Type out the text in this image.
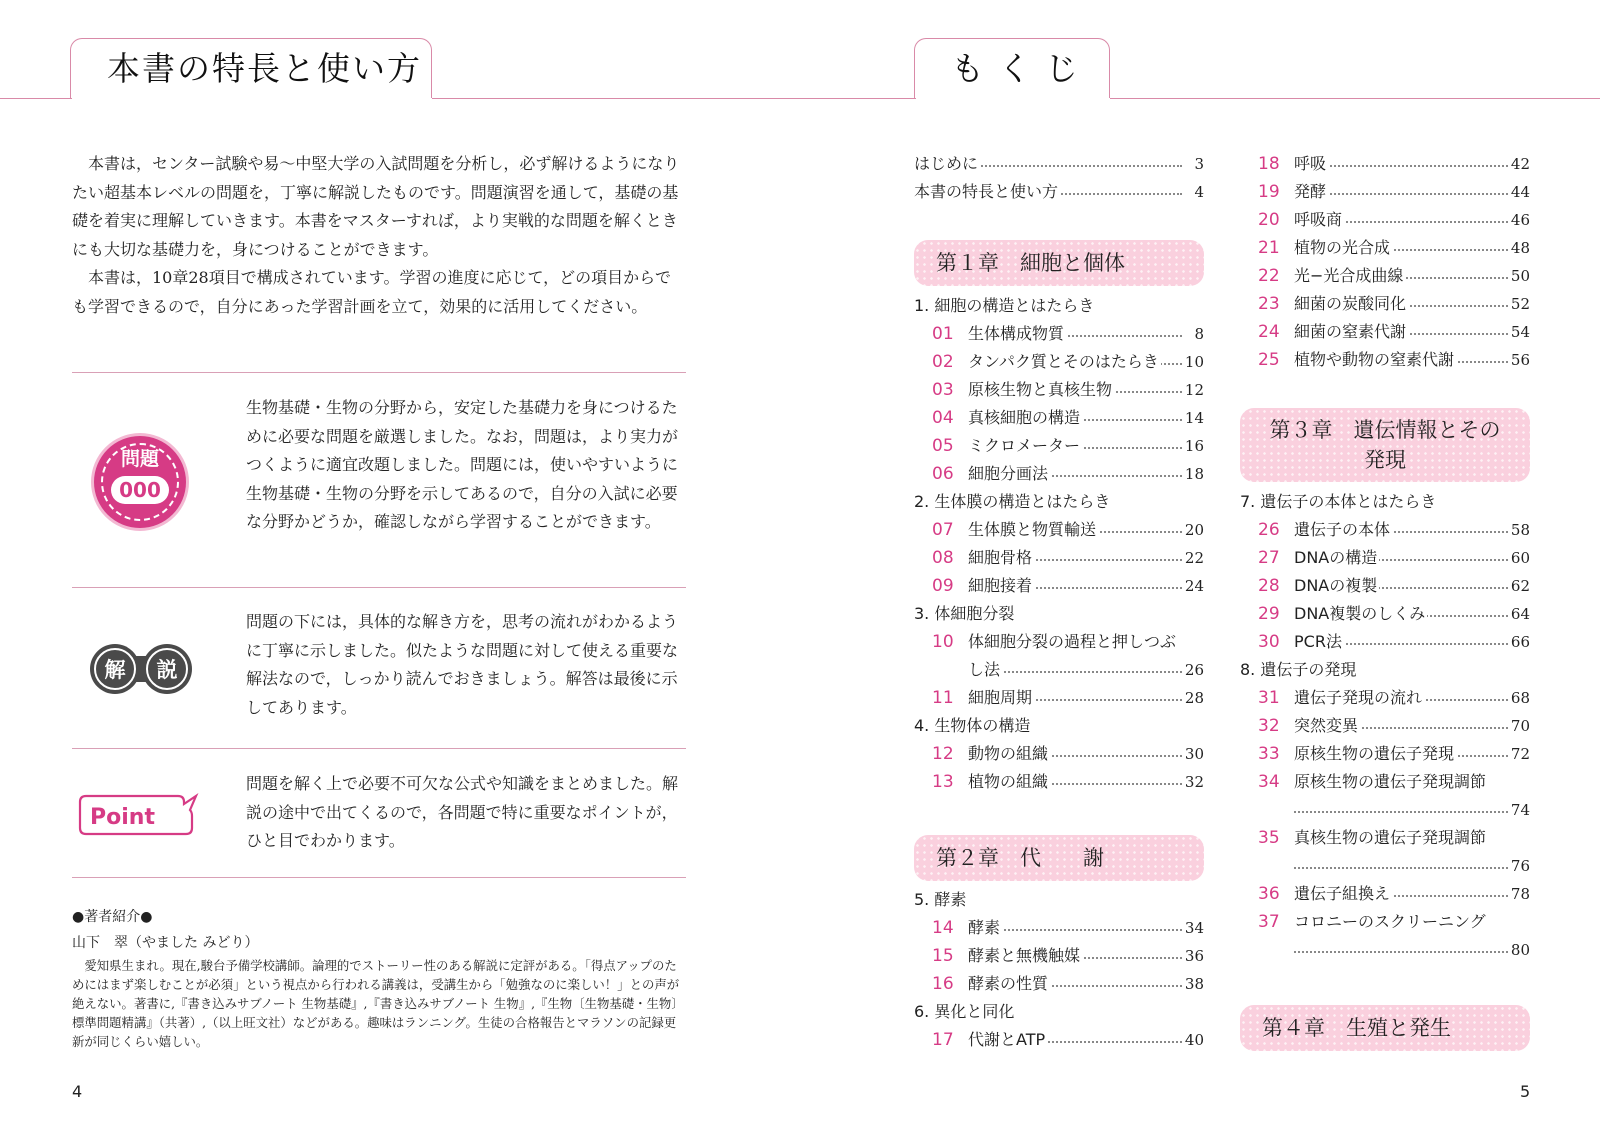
本書の特長と使い方	もくじ

本書は，センター試験や易～中堅大学の入試問題を分析し，必ず解けるようになりたい超基本レベルの問題を，丁寧に解説したものです。問題演習を通して，基礎の基礎を着実に理解していきます。本書をマスターすれば，より実戦的な問題を解くときにも大切な基礎力を，身につけることができます。

本書は，10章28項目で構成されています。学習の進度に応じて，どの項目からでも学習できるので，自分にあった学習計画を立て，効果的に活用してください。

問題
000
生物基礎・生物の分野から，安定した基礎力を身につけるために必要な問題を厳選しました。なお，問題は，より実力がつくように適宜改題しました。問題には，使いやすいように生物基礎・生物の分野を示してあるので，自分の入試に必要な分野かどうか，確認しながら学習することができます。
解 説
問題の下には，具体的な解き方を，思考の流れがわかるように丁寧に示しました。似たような問題に対して使える重要な解法なので，しっかり読んでおきましょう。解答は最後に示してあります。
Point
問題を解く上で必要不可欠な公式や知識をまとめました。解説の途中で出てくるので，各問題で特に重要なポイントが，ひと目でわかります。
●著者紹介●
山下　翠（やました みどり）
愛知県生まれ。現在,駿台予備学校講師。論理的でストーリー性のある解説に定評がある。「得点アップのためにはまず楽しむことが必須」という視点から行われる講義は，受講生から「勉強なのに楽しい！」との声が絶えない。著書に,『書き込みサブノート 生物基礎』,『書き込みサブノート 生物』,『生物〔生物基礎・生物〕標準問題精講』（共著）,（以上旺文社）などがある。趣味はランニング。生徒の合格報告とマラソンの記録更新が同じくらい嬉しい。
4
はじめに	3
本書の特長と使い方	4
第１章　細胞と個体
1. 細胞の構造とはたらき
01 生体構成物質	8
02 タンパク質とそのはたらき 10
03 原核生物と真核生物	12
04 真核細胞の構造	14
05 ミクロメーター	16
06 細胞分画法	18
2. 生体膜の構造とはたらき
07 生体膜と物質輸送	20
08 細胞骨格	22
09 細胞接着	24
3. 体細胞分裂
10 体細胞分裂の過程と押しつぶ
し法	26
11 細胞周期	28
4. 生物体の構造
12 動物の組織	30
13 植物の組織	32
第２章　代　　謝
5. 酵素
14 酵素	34
15 酵素と無機触媒	36
16 酵素の性質	38
6. 異化と同化
17 代謝とATP	40
18 呼吸	42
19 発酵	44
20 呼吸商	46
21 植物の光合成	48
22 光−光合成曲線	50
23 細菌の炭酸同化	52
24 細菌の窒素代謝	54
25 植物や動物の窒素代謝	56
第３章　遺伝情報とその
発現
7. 遺伝子の本体とはたらき
26 遺伝子の本体	58
27 DNAの構造	60
28 DNAの複製	62
29 DNA複製のしくみ	64
30 PCR法	66
8. 遺伝子の発現
31 遺伝子発現の流れ	68
32 突然変異	70
33 原核生物の遺伝子発現	72
34 原核生物の遺伝子発現調節
74
35 真核生物の遺伝子発現調節
76
36 遺伝子組換え	78
37 コロニーのスクリーニング
80
第４章　生殖と発生
5
